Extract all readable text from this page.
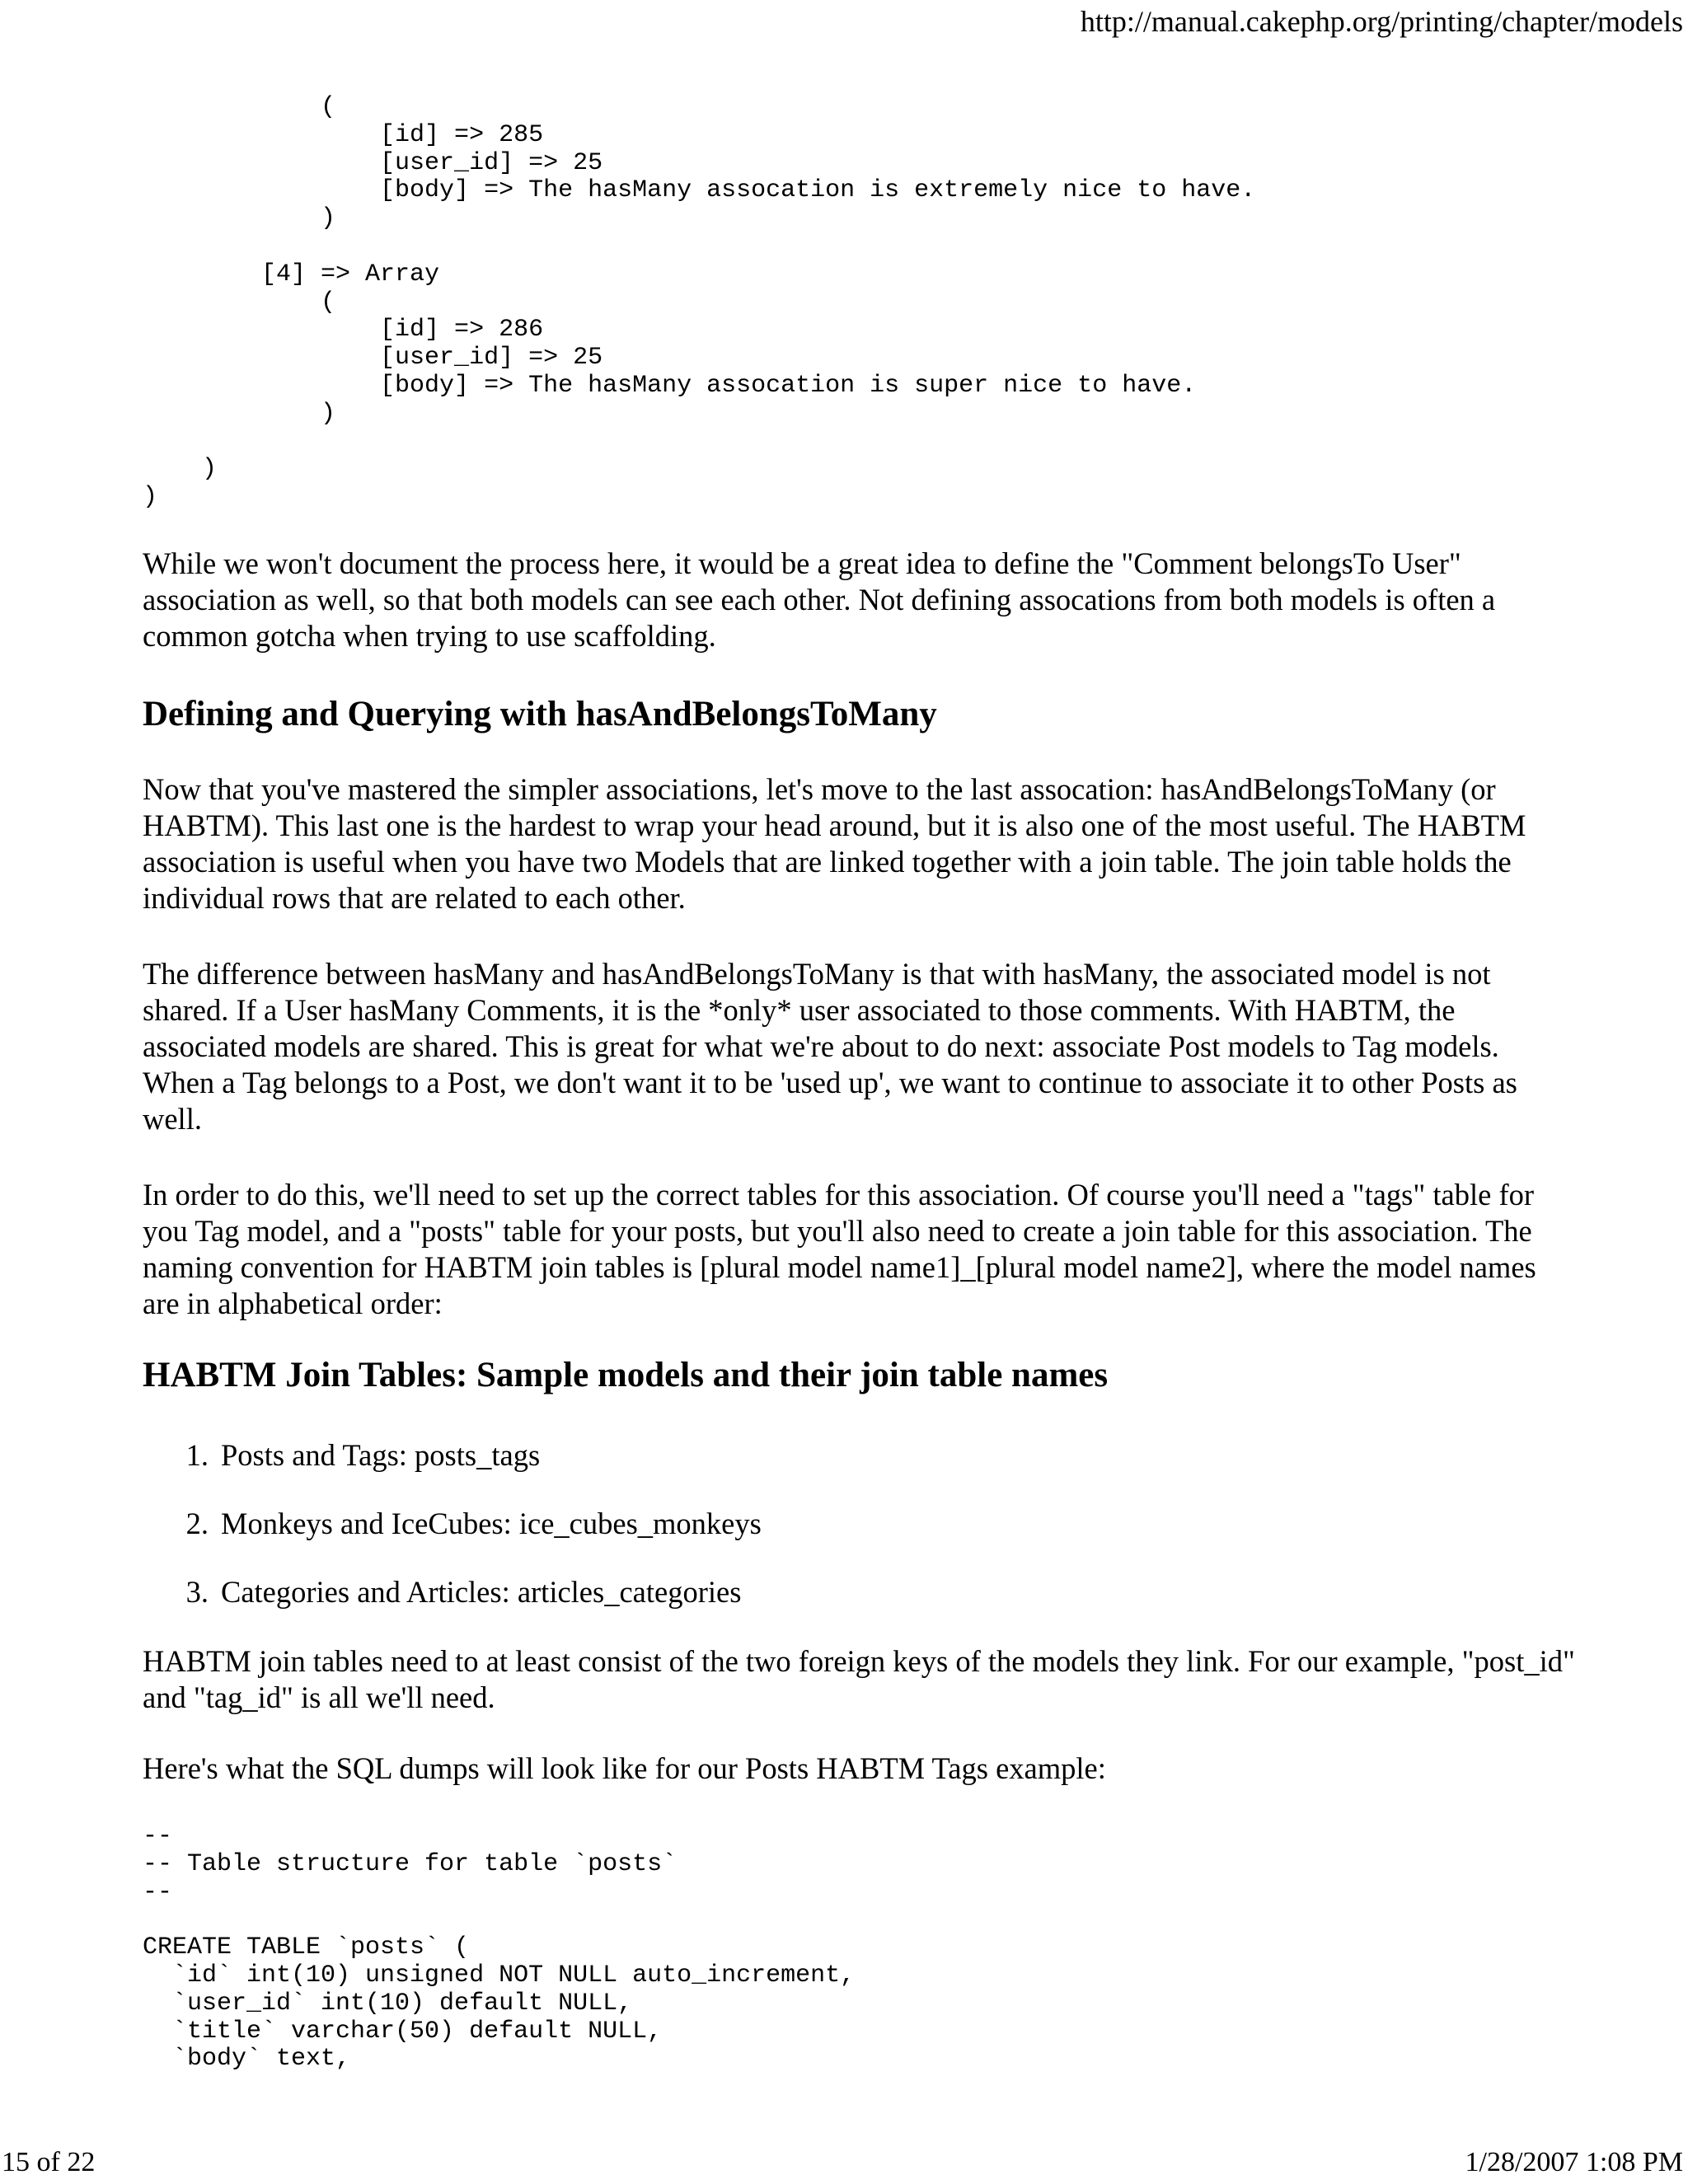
http://manual.cakephp.org/printing/chapter/models
(
[id] => 285
[user_id] => 25
[body] => The hasMany assocation is extremely nice to have.
)

[4] => Array
(
[id] => 286
[user_id] => 25
[body] => The hasMany assocation is super nice to have.
)

)
)

While we won't document the process here, it would be a great idea to define the "Comment belongsTo User" association as well, so that both models can see each other. Not defining assocations from both models is often a common gotcha when trying to use scaffolding.

Defining and Querying with hasAndBelongsToMany

Now that you've mastered the simpler associations, let's move to the last assocation: hasAndBelongsToMany (or HABTM). This last one is the hardest to wrap your head around, but it is also one of the most useful. The HABTM association is useful when you have two Models that are linked together with a join table. The join table holds the individual rows that are related to each other.

The difference between hasMany and hasAndBelongsToMany is that with hasMany, the associated model is not shared. If a User hasMany Comments, it is the *only* user associated to those comments. With HABTM, the associated models are shared. This is great for what we're about to do next: associate Post models to Tag models. When a Tag belongs to a Post, we don't want it to be 'used up', we want to continue to associate it to other Posts as well.

In order to do this, we'll need to set up the correct tables for this association. Of course you'll need a "tags" table for you Tag model, and a "posts" table for your posts, but you'll also need to create a join table for this association. The naming convention for HABTM join tables is [plural model name1]_[plural model name2], where the model names are in alphabetical order:

HABTM Join Tables: Sample models and their join table names
1. Posts and Tags: posts_tags
2. Monkeys and IceCubes: ice_cubes_monkeys
3. Categories and Articles: articles_categories

HABTM join tables need to at least consist of the two foreign keys of the models they link. For our example, "post_id" and "tag_id" is all we'll need.

Here's what the SQL dumps will look like for our Posts HABTM Tags example:

--
-- Table structure for table `posts`
--

CREATE TABLE `posts` (
`id` int(10) unsigned NOT NULL auto_increment,
`user_id` int(10) default NULL,
`title` varchar(50) default NULL,
`body` text,
15 of 22	1/28/2007 1:08 PM
